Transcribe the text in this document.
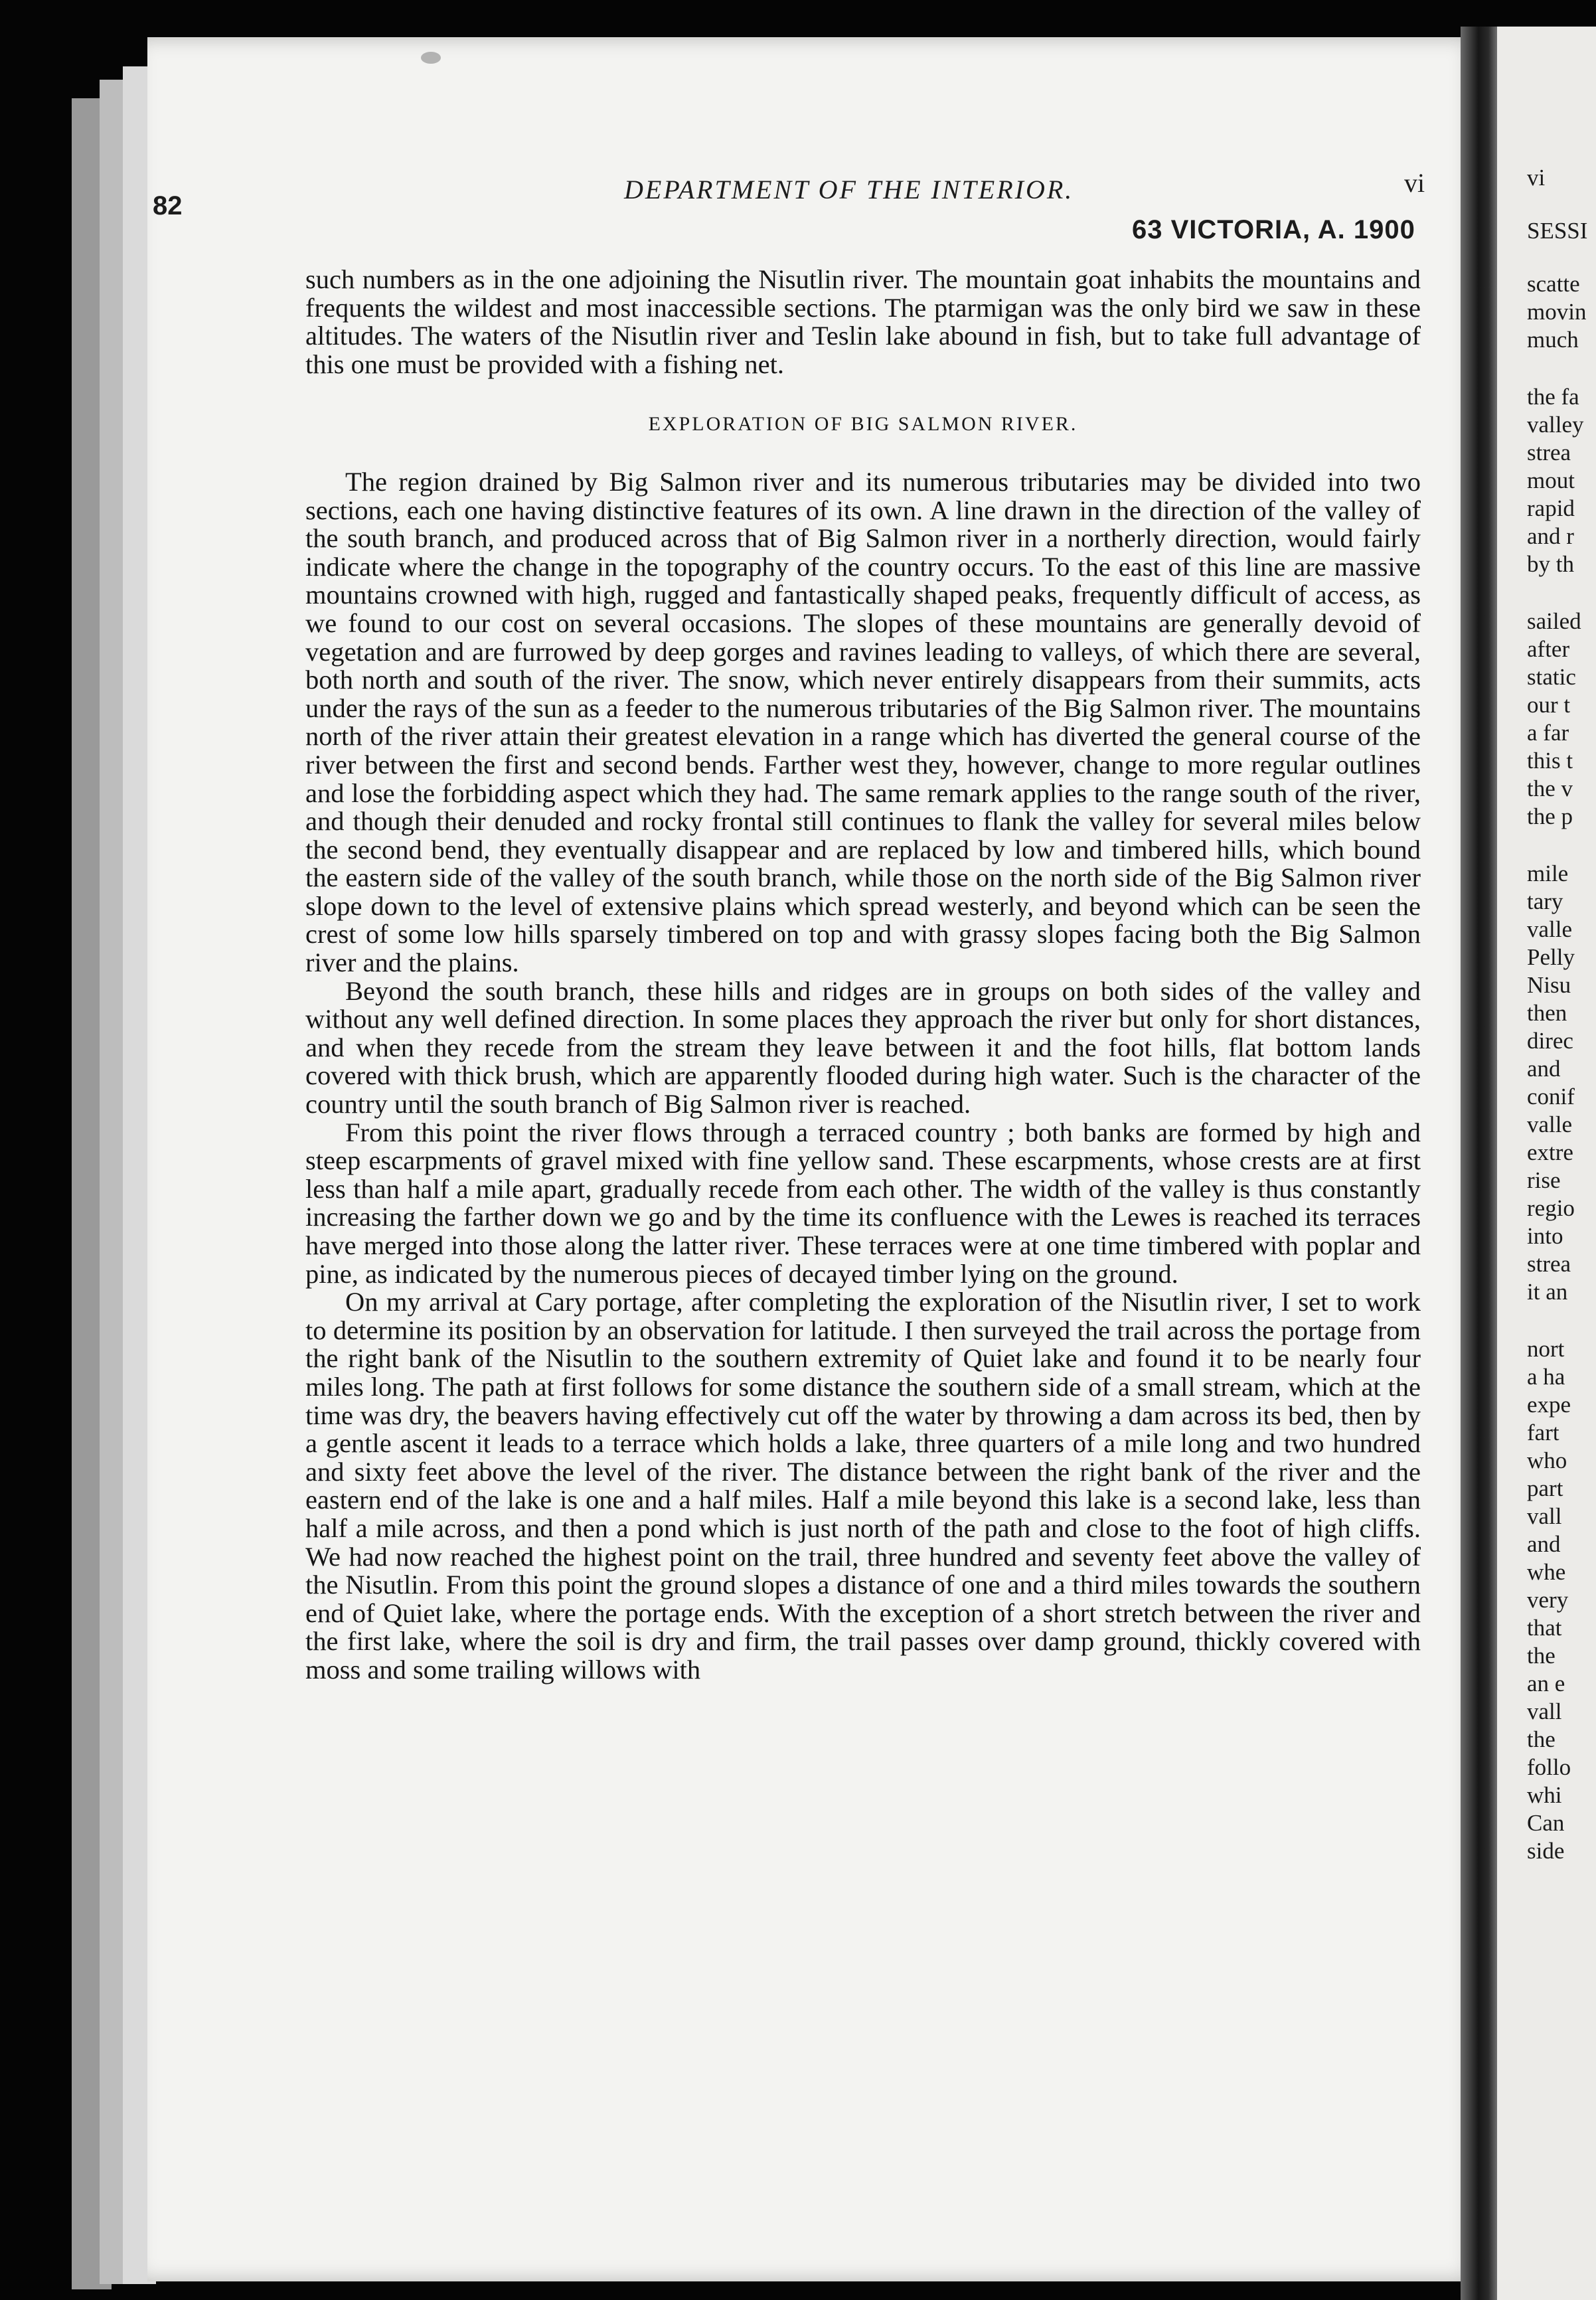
vi
SESSI
scatte
movin
much
the fa
valley
strea
mout
rapid
and r
by th
sailed
after
static
our t
a far
this t
the v
the p
mile
tary
valle
Pelly
Nisu
then
direc
and
conif
valle
extre
rise
regio
into
strea
it an
nort
a ha
expe
fart
who
part
vall
and
whe
very
that
the
an e
vall
the
follo
whi
Can
side
82
DEPARTMENT OF THE INTERIOR.	vi
63 VICTORIA, A. 1900

such numbers as in the one adjoining the Nisutlin river. The mountain goat inhabits the mountains and frequents the wildest and most inaccessible sections. The ptarmigan was the only bird we saw in these altitudes. The waters of the Nisutlin river and Teslin lake abound in fish, but to take full advantage of this one must be provided with a fishing net.

EXPLORATION OF BIG SALMON RIVER.

The region drained by Big Salmon river and its numerous tributaries may be divided into two sections, each one having distinctive features of its own. A line drawn in the direction of the valley of the south branch, and produced across that of Big Salmon river in a northerly direction, would fairly indicate where the change in the topography of the country occurs. To the east of this line are massive mountains crowned with high, rugged and fantastically shaped peaks, frequently difficult of access, as we found to our cost on several occasions. The slopes of these mountains are generally devoid of vegetation and are furrowed by deep gorges and ravines leading to valleys, of which there are several, both north and south of the river. The snow, which never entirely disappears from their summits, acts under the rays of the sun as a feeder to the numerous tributaries of the Big Salmon river. The mountains north of the river attain their greatest elevation in a range which has diverted the general course of the river between the first and second bends. Farther west they, however, change to more regular outlines and lose the forbidding aspect which they had. The same remark applies to the range south of the river, and though their denuded and rocky frontal still continues to flank the valley for several miles below the second bend, they eventually disappear and are replaced by low and timbered hills, which bound the eastern side of the valley of the south branch, while those on the north side of the Big Salmon river slope down to the level of extensive plains which spread westerly, and beyond which can be seen the crest of some low hills sparsely timbered on top and with grassy slopes facing both the Big Salmon river and the plains.

Beyond the south branch, these hills and ridges are in groups on both sides of the valley and without any well defined direction. In some places they approach the river but only for short distances, and when they recede from the stream they leave between it and the foot hills, flat bottom lands covered with thick brush, which are apparently flooded during high water. Such is the character of the country until the south branch of Big Salmon river is reached.

From this point the river flows through a terraced country ; both banks are formed by high and steep escarpments of gravel mixed with fine yellow sand. These escarpments, whose crests are at first less than half a mile apart, gradually recede from each other. The width of the valley is thus constantly increasing the farther down we go and by the time its confluence with the Lewes is reached its terraces have merged into those along the latter river. These terraces were at one time timbered with poplar and pine, as indicated by the numerous pieces of decayed timber lying on the ground.

On my arrival at Cary portage, after completing the exploration of the Nisutlin river, I set to work to determine its position by an observation for latitude. I then surveyed the trail across the portage from the right bank of the Nisutlin to the southern extremity of Quiet lake and found it to be nearly four miles long. The path at first follows for some distance the southern side of a small stream, which at the time was dry, the beavers having effectively cut off the water by throwing a dam across its bed, then by a gentle ascent it leads to a terrace which holds a lake, three quarters of a mile long and two hundred and sixty feet above the level of the river. The distance between the right bank of the river and the eastern end of the lake is one and a half miles. Half a mile beyond this lake is a second lake, less than half a mile across, and then a pond which is just north of the path and close to the foot of high cliffs. We had now reached the highest point on the trail, three hundred and seventy feet above the valley of the Nisutlin. From this point the ground slopes a distance of one and a third miles towards the southern end of Quiet lake, where the portage ends. With the exception of a short stretch between the river and the first lake, where the soil is dry and firm, the trail passes over damp ground, thickly covered with moss and some trailing willows with
